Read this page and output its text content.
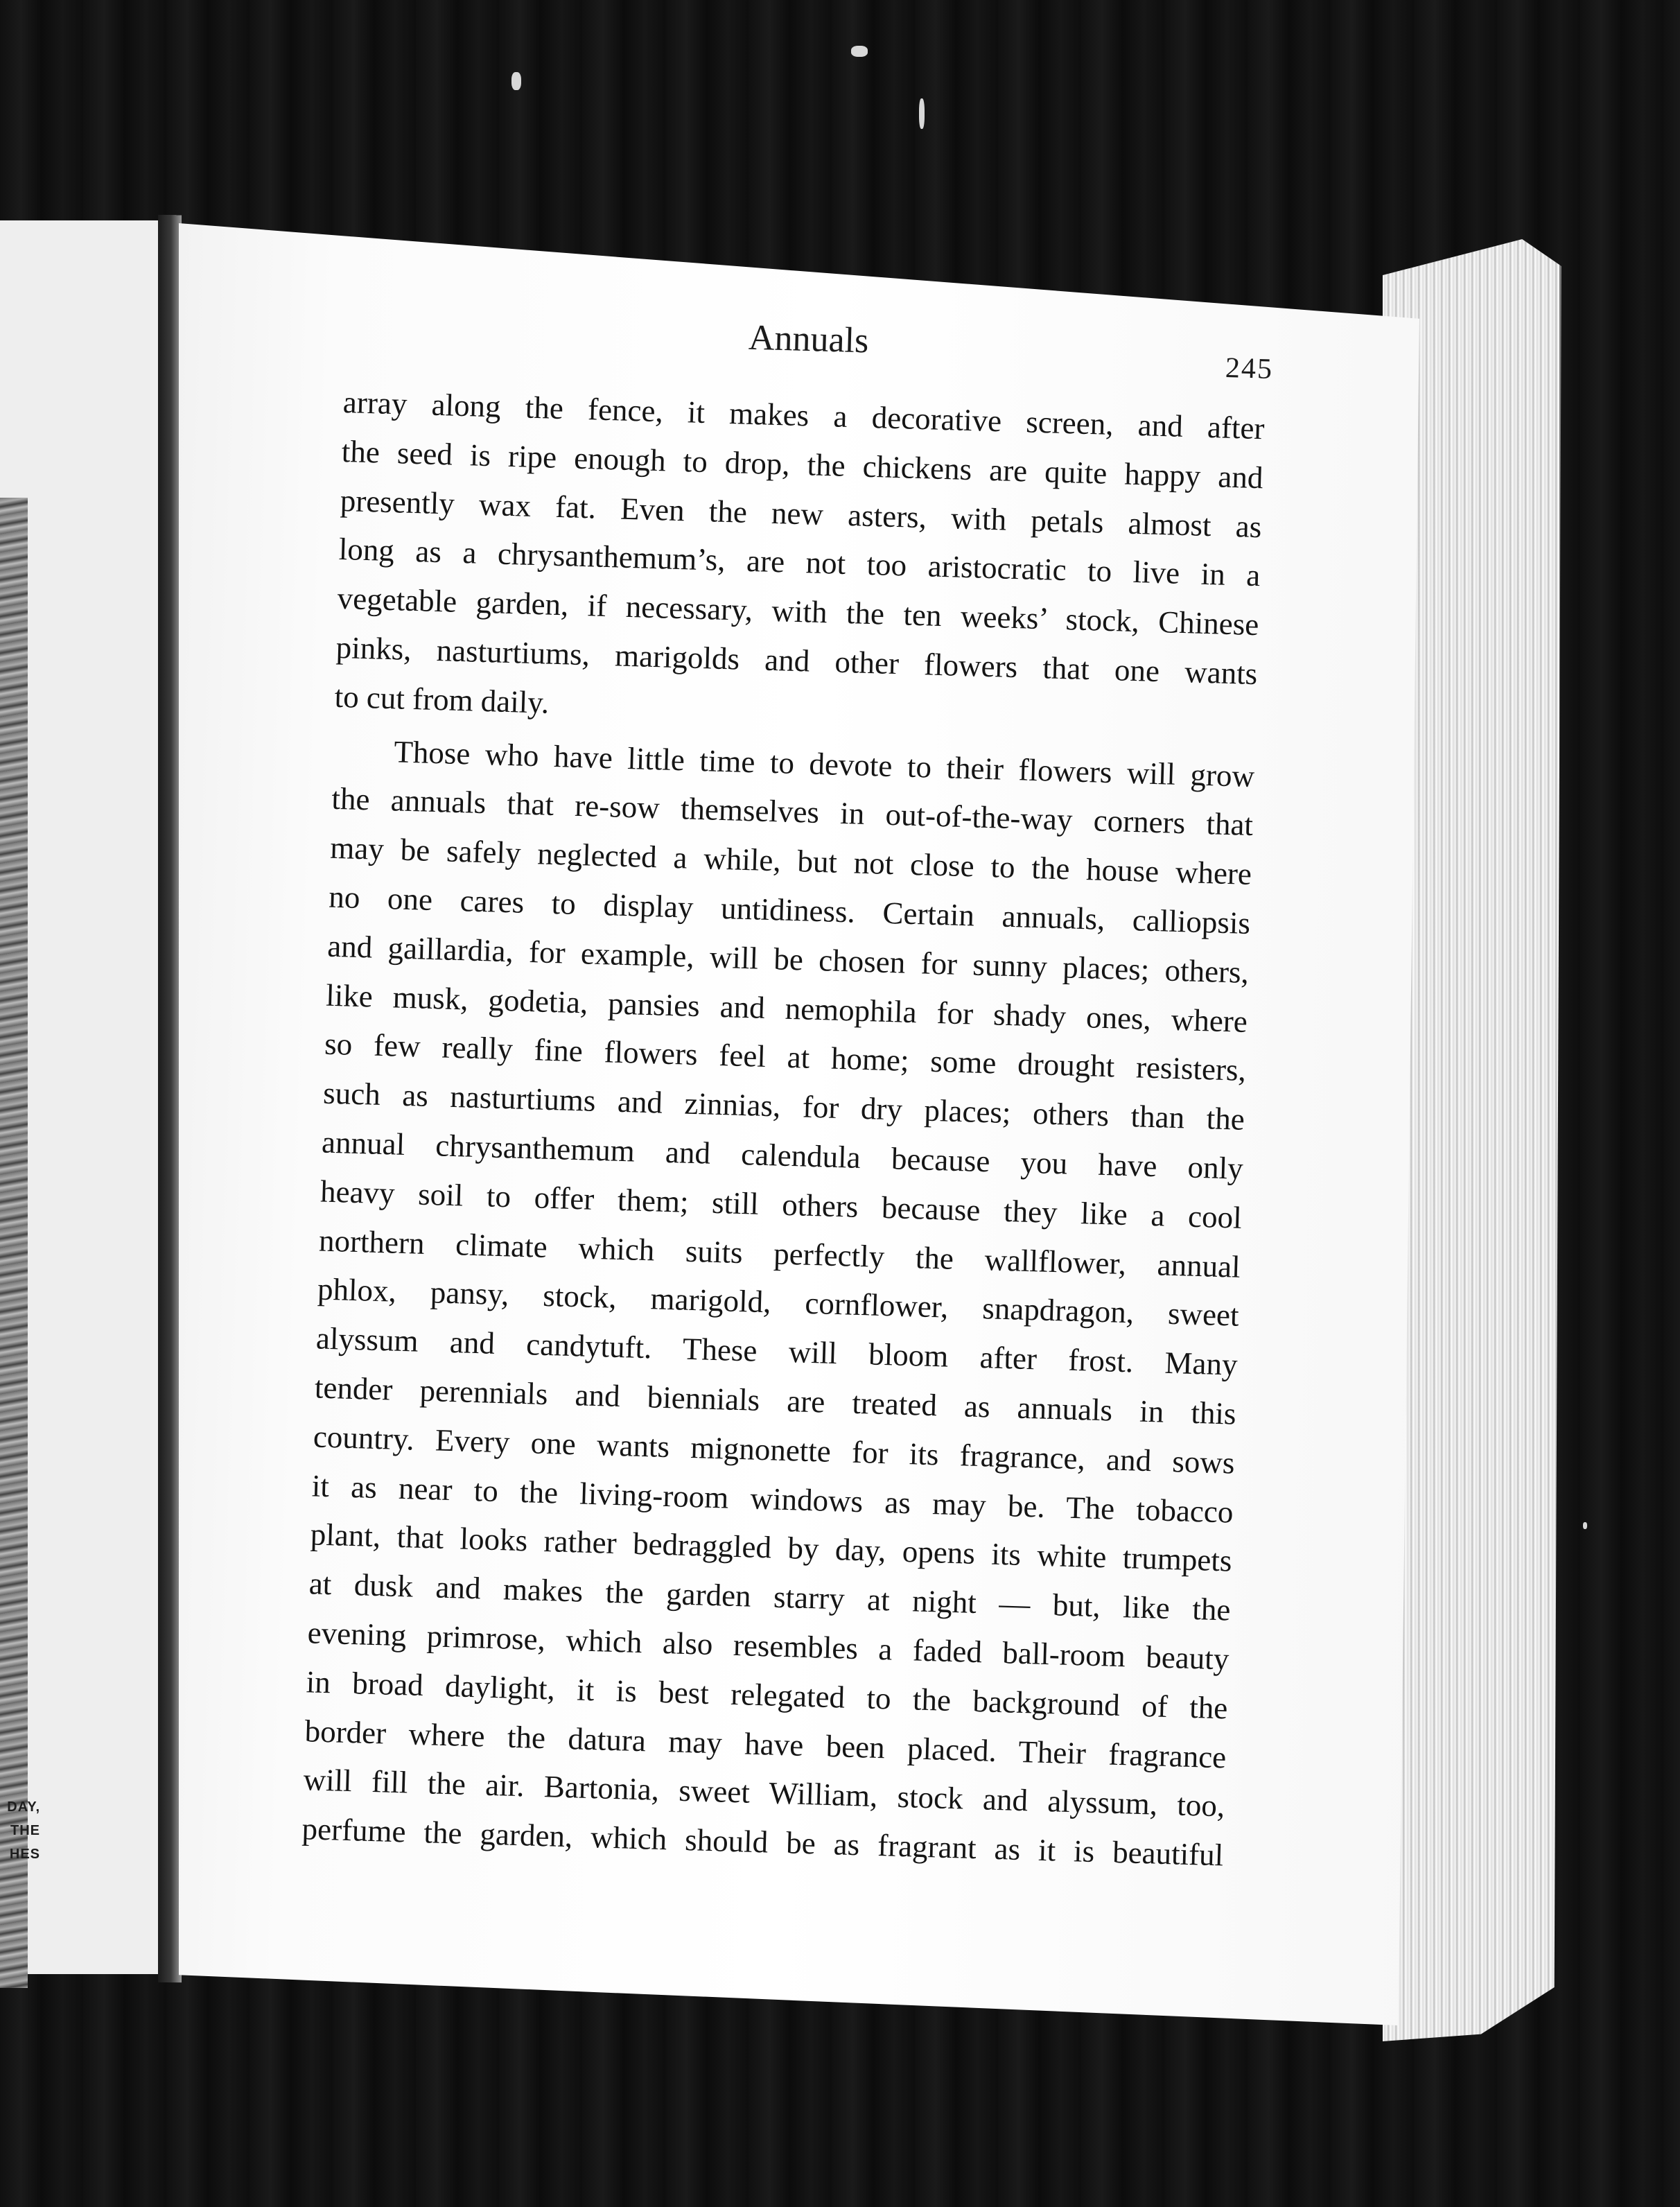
DAY,
THE
HES
Annuals
245
array along the fence, it makes a decorative screen, and after
the seed is ripe enough to drop, the chickens are quite happy and
presently wax fat. Even the new asters, with petals almost as
long as a chrysanthemum’s, are not too aristocratic to live in a
vegetable garden, if necessary, with the ten weeks’ stock, Chinese
pinks, nasturtiums, marigolds and other flowers that one wants
to cut from daily.
Those who have little time to devote to their flowers will grow
the annuals that re-sow themselves in out-of-the-way corners that
may be safely neglected a while, but not close to the house where
no one cares to display untidiness. Certain annuals, calliopsis
and gaillardia, for example, will be chosen for sunny places; others,
like musk, godetia, pansies and nemophila for shady ones, where
so few really fine flowers feel at home; some drought resisters,
such as nasturtiums and zinnias, for dry places; others than the
annual chrysanthemum and calendula because you have only
heavy soil to offer them; still others because they like a cool
northern climate which suits perfectly the wallflower, annual
phlox, pansy, stock, marigold, cornflower, snapdragon, sweet
alyssum and candytuft. These will bloom after frost. Many
tender perennials and biennials are treated as annuals in this
country. Every one wants mignonette for its fragrance, and sows
it as near to the living-room windows as may be. The tobacco
plant, that looks rather bedraggled by day, opens its white trumpets
at dusk and makes the garden starry at night — but, like the
evening primrose, which also resembles a faded ball-room beauty
in broad daylight, it is best relegated to the background of the
border where the datura may have been placed. Their fragrance
will fill the air. Bartonia, sweet William, stock and alyssum, too,
perfume the garden, which should be as fragrant as it is beautiful
